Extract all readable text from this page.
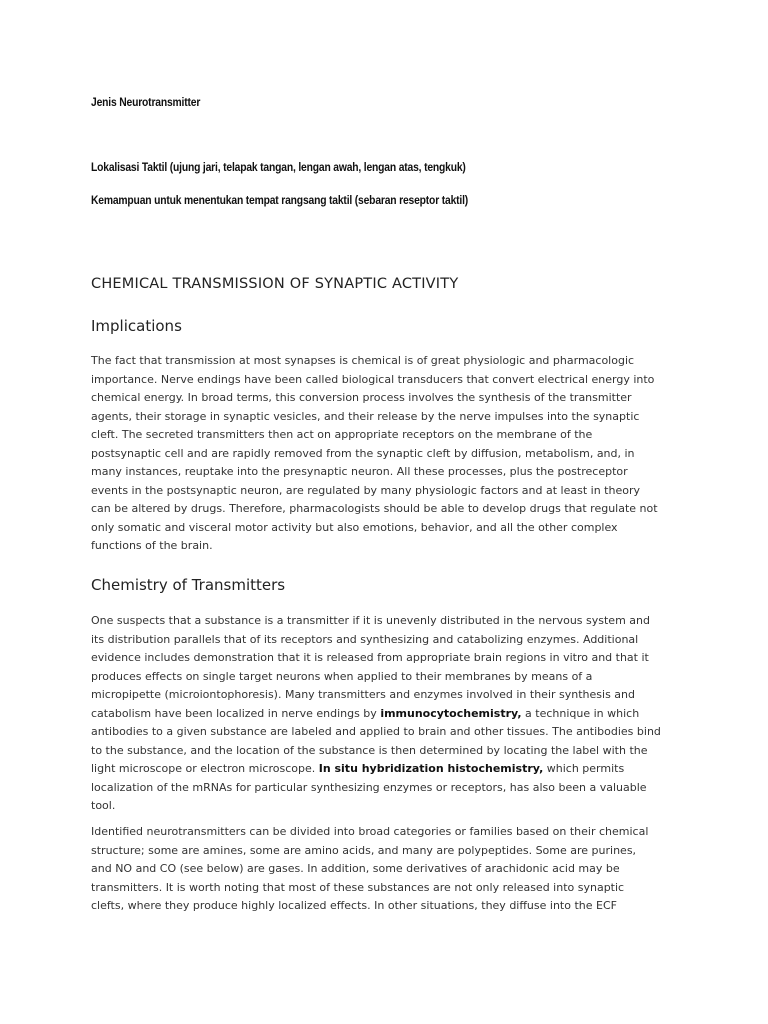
Jenis Neurotransmitter
Lokalisasi Taktil (ujung jari, telapak tangan, lengan awah, lengan atas, tengkuk)
Kemampuan untuk menentukan tempat rangsang taktil (sebaran reseptor taktil)
CHEMICAL TRANSMISSION OF SYNAPTIC ACTIVITY
Implications
The fact that transmission at most synapses is chemical is of great physiologic and pharmacologic
importance. Nerve endings have been called biological transducers that convert electrical energy into
chemical energy. In broad terms, this conversion process involves the synthesis of the transmitter
agents, their storage in synaptic vesicles, and their release by the nerve impulses into the synaptic
cleft. The secreted transmitters then act on appropriate receptors on the membrane of the
postsynaptic cell and are rapidly removed from the synaptic cleft by diffusion, metabolism, and, in
many instances, reuptake into the presynaptic neuron. All these processes, plus the postreceptor
events in the postsynaptic neuron, are regulated by many physiologic factors and at least in theory
can be altered by drugs. Therefore, pharmacologists should be able to develop drugs that regulate not
only somatic and visceral motor activity but also emotions, behavior, and all the other complex
functions of the brain.
Chemistry of Transmitters
One suspects that a substance is a transmitter if it is unevenly distributed in the nervous system and
its distribution parallels that of its receptors and synthesizing and catabolizing enzymes. Additional
evidence includes demonstration that it is released from appropriate brain regions in vitro and that it
produces effects on single target neurons when applied to their membranes by means of a
micropipette (microiontophoresis). Many transmitters and enzymes involved in their synthesis and
catabolism have been localized in nerve endings by immunocytochemistry, a technique in which
antibodies to a given substance are labeled and applied to brain and other tissues. The antibodies bind
to the substance, and the location of the substance is then determined by locating the label with the
light microscope or electron microscope. In situ hybridization histochemistry, which permits
localization of the mRNAs for particular synthesizing enzymes or receptors, has also been a valuable
tool.
Identified neurotransmitters can be divided into broad categories or families based on their chemical
structure; some are amines, some are amino acids, and many are polypeptides. Some are purines,
and NO and CO (see below) are gases. In addition, some derivatives of arachidonic acid may be
transmitters. It is worth noting that most of these substances are not only released into synaptic
clefts, where they produce highly localized effects. In other situations, they diffuse into the ECF
